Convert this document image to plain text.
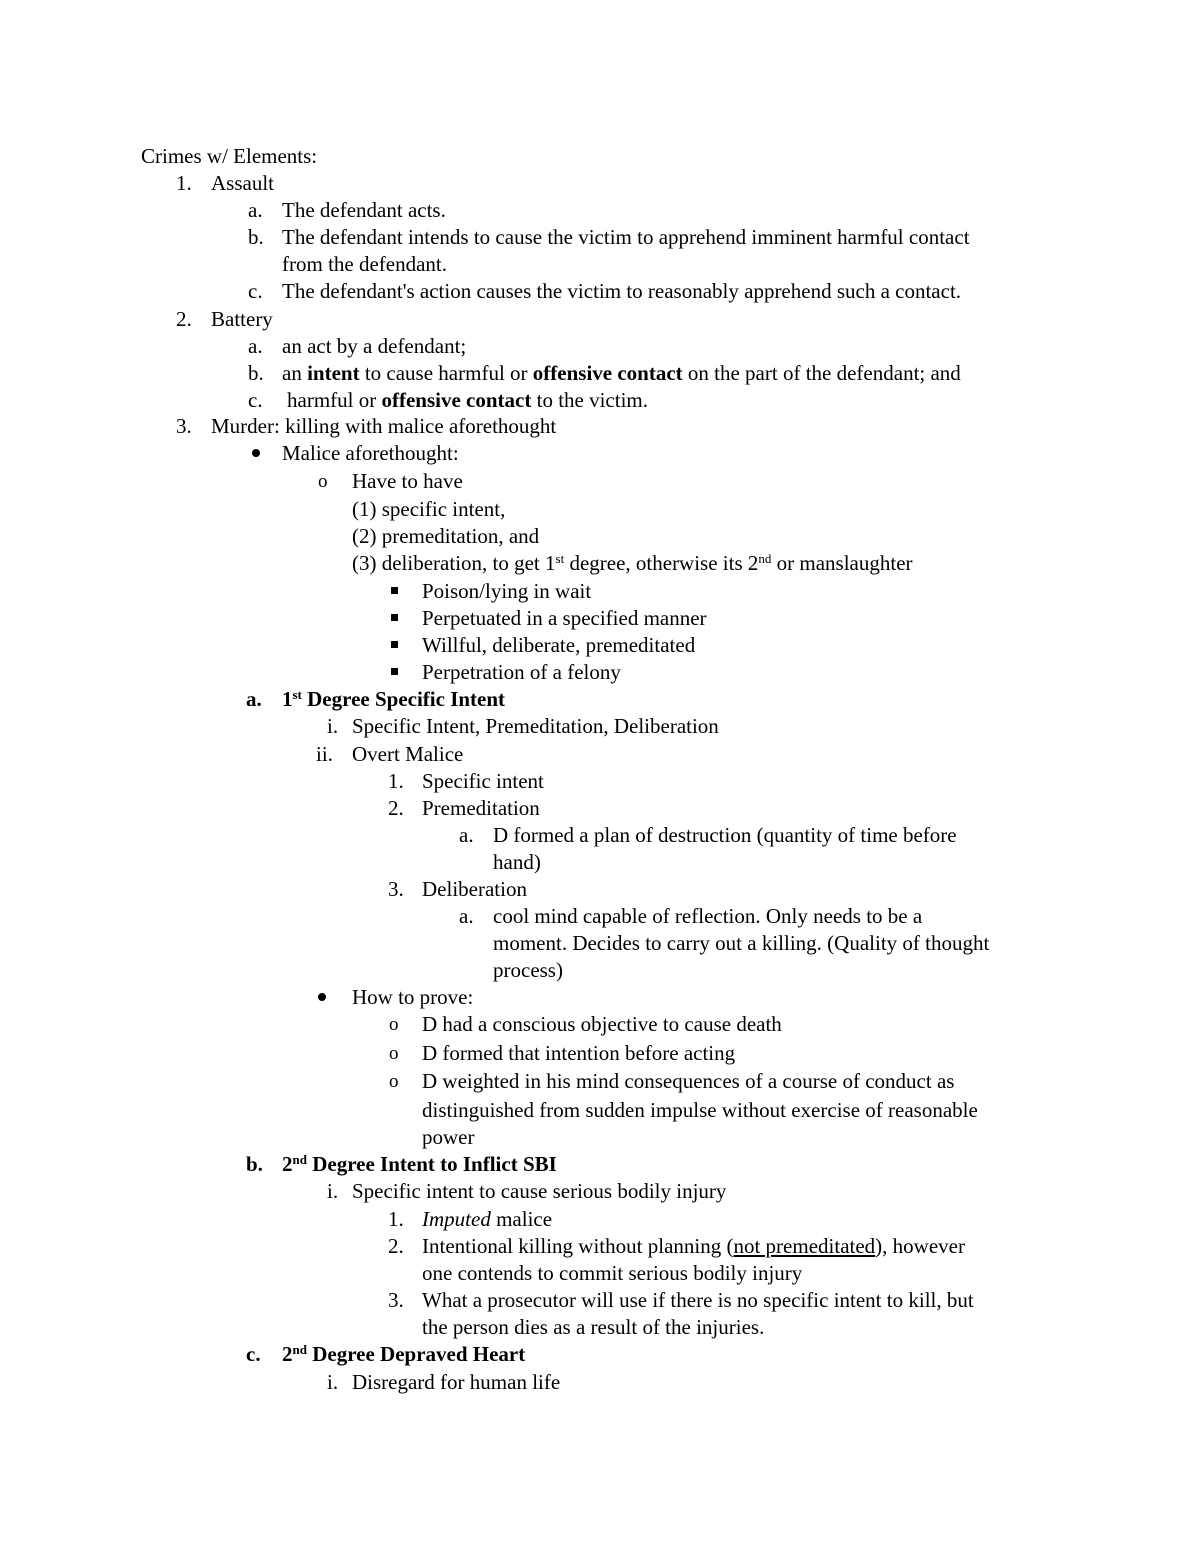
Crimes w/ Elements:
1. Assault
a. The defendant acts.
b. The defendant intends to cause the victim to apprehend imminent harmful contact
from the defendant.
c. The defendant's action causes the victim to reasonably apprehend such a contact.
2. Battery
a. an act by a defendant;
b. an intent to cause harmful or offensive contact on the part of the defendant; and
c. harmful or offensive contact to the victim.
3. Murder: killing with malice aforethought
Malice aforethought:
o Have to have
(1) specific intent,
(2) premeditation, and
(3) deliberation, to get 1st degree, otherwise its 2nd or manslaughter
Poison/lying in wait
Perpetuated in a specified manner
Willful, deliberate, premeditated
Perpetration of a felony
a. 1st Degree Specific Intent
i. Specific Intent, Premeditation, Deliberation
ii. Overt Malice
1. Specific intent
2. Premeditation
a. D formed a plan of destruction (quantity of time before
hand)
3. Deliberation
a. cool mind capable of reflection. Only needs to be a
moment. Decides to carry out a killing. (Quality of thought
process)
How to prove:
o D had a conscious objective to cause death
o D formed that intention before acting
o D weighted in his mind consequences of a course of conduct as
distinguished from sudden impulse without exercise of reasonable
power
b. 2nd Degree Intent to Inflict SBI
i. Specific intent to cause serious bodily injury
1. Imputed malice
2. Intentional killing without planning (not premeditated), however
one contends to commit serious bodily injury
3. What a prosecutor will use if there is no specific intent to kill, but
the person dies as a result of the injuries.
c. 2nd Degree Depraved Heart
i. Disregard for human life
